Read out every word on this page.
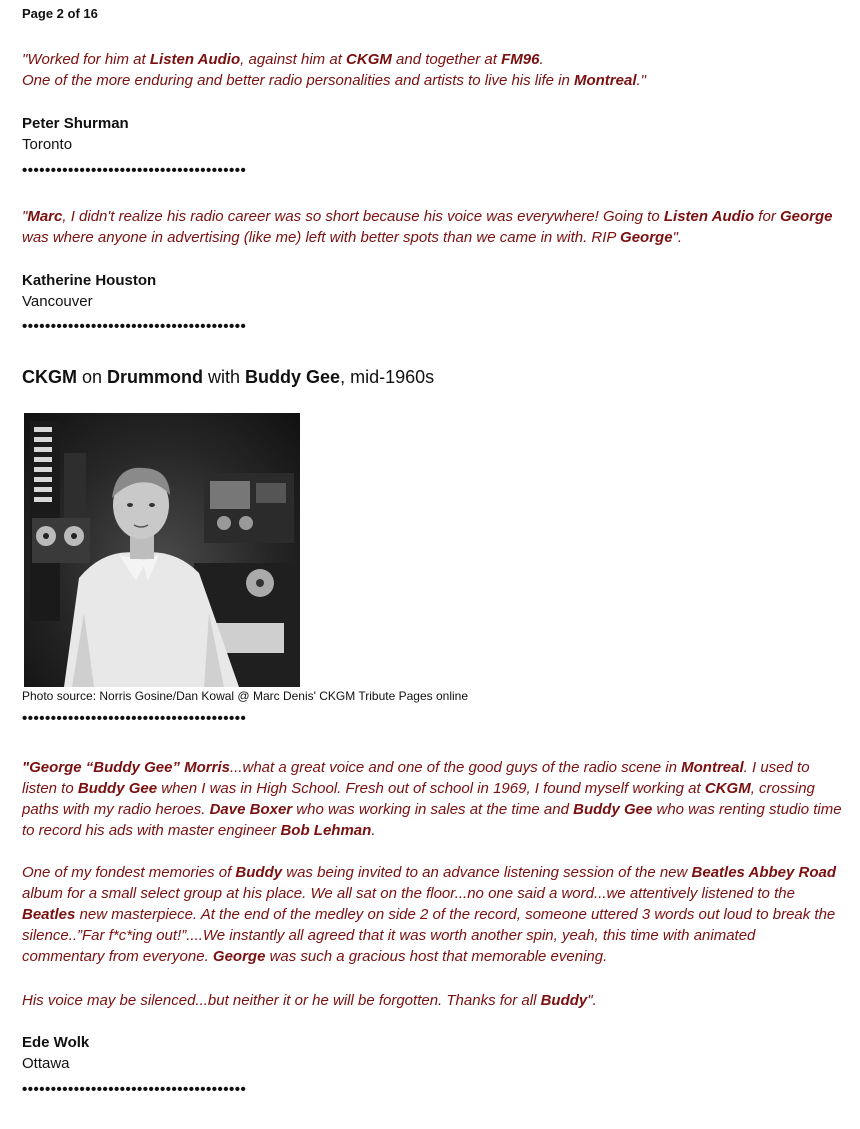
Page 2 of 16

"Worked for him at Listen Audio, against him at CKGM and together at FM96.
One of the more enduring and better radio personalities and artists to live his life in Montreal."

Peter Shurman

Toronto

•••••••••••••••••••••••••••••••••••••••

"Marc, I didn't realize his radio career was so short because his voice was everywhere! Going to Listen Audio for George was where anyone in advertising (like me) left with better spots than we came in with. RIP George".

Katherine Houston

Vancouver

•••••••••••••••••••••••••••••••••••••••

CKGM on Drummond with Buddy Gee, mid-1960s

Photo source: Norris Gosine/Dan Kowal @ Marc Denis' CKGM Tribute Pages online

•••••••••••••••••••••••••••••••••••••••

"George “Buddy Gee” Morris...what a great voice and one of the good guys of the radio scene in Montreal. I used to listen to Buddy Gee when I was in High School. Fresh out of school in 1969, I found myself working at CKGM, crossing paths with my radio heroes. Dave Boxer who was working in sales at the time and Buddy Gee who was renting studio time to record his ads with master engineer Bob Lehman.

One of my fondest memories of Buddy was being invited to an advance listening session of the new Beatles Abbey Road album for a small select group at his place. We all sat on the floor...no one said a word...we attentively listened to the Beatles new masterpiece. At the end of the medley on side 2 of the record, someone uttered 3 words out loud to break the silence..”Far f*c*ing out!”....We instantly all agreed that it was worth another spin, yeah, this time with animated commentary from everyone. George was such a gracious host that memorable evening.

His voice may be silenced...but neither it or he will be forgotten. Thanks for all Buddy".

Ede Wolk

Ottawa

•••••••••••••••••••••••••••••••••••••••
